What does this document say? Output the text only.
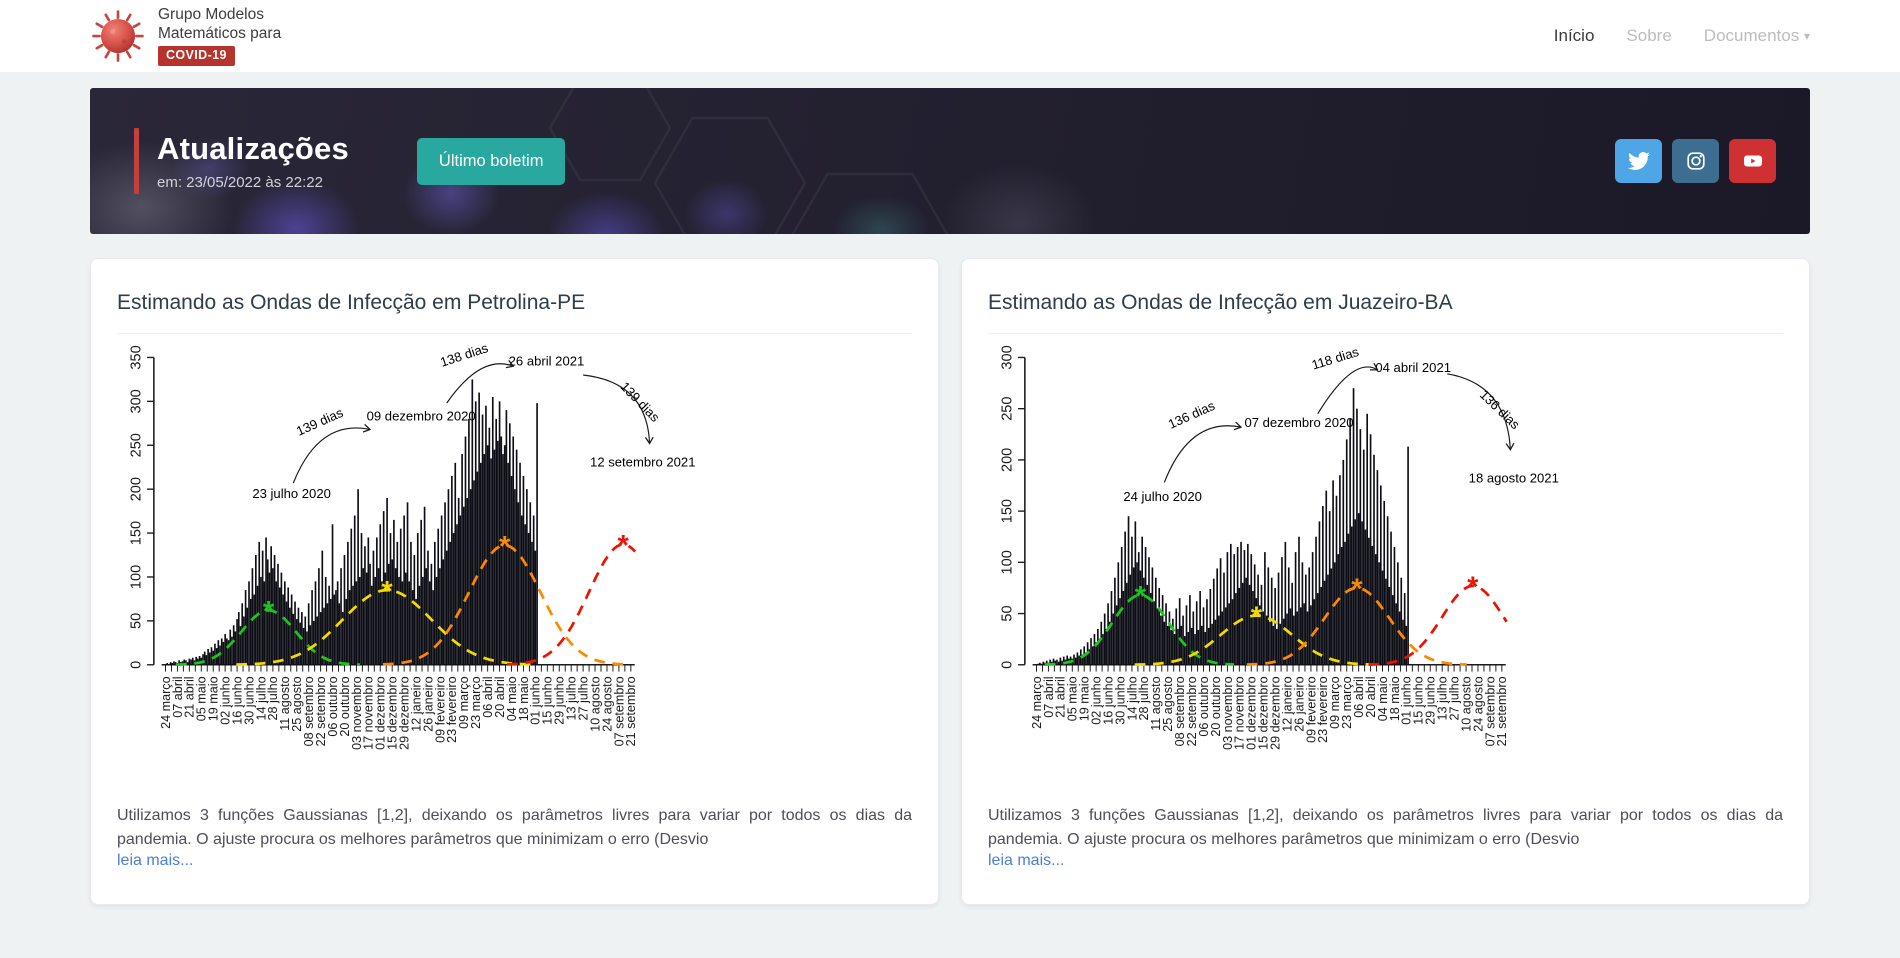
Grupo Modelos
Matemáticos para
COVID-19
Início Sobre Documentos ▾
Atualizações
em: 23/05/2022 às 22:22
Último boletim
Estimando as Ondas de Infecção em Petrolina-PE
0
50
100
150
200
250
300
350
24 março
07 abril
21 abril
05 maio
19 maio
02 junho
16 junho
30 junho
14 julho
28 julho
11 agosto
25 agosto
08 setembro
22 setembro
06 outubro
20 outubro
03 novembro
17 novembro
01 dezembro
15 dezembro
29 dezembro
12 janeiro
26 janeiro
09 fevereiro
23 fevereiro
09 março
23 março
06 abril
20 abril
04 maio
18 maio
01 junho
15 junho
29 junho
13 julho
27 julho
10 agosto
24 agosto
07 setembro
21 setembro
*
*
*	*
23 julho 2020
09 dezembro 2020
26 abril 2021
12 setembro 2021
139 dias
138 dias
139 dias

Utilizamos 3 funções Gaussianas [1,2], deixando os parâmetros livres para variar por todos os dias da pandemia. O ajuste procura os melhores parâmetros que minimizam o erro (Desvio

leia mais...
Estimando as Ondas de Infecção em Juazeiro-BA
0
50
100
150
200
250
300
24 março
07 abril
21 abril
05 maio
19 maio
02 junho
16 junho
30 junho
14 julho
28 julho
11 agosto
25 agosto
08 setembro
22 setembro
06 outubro
20 outubro
03 novembro
17 novembro
01 dezembro
15 dezembro
29 dezembro
12 janeiro
26 janeiro
09 fevereiro
23 fevereiro
09 março
23 março
06 abril
20 abril
04 maio
18 maio
01 junho
15 junho
29 junho
13 julho
27 julho
10 agosto
24 agosto
07 setembro
21 setembro
*
*
*	*
24 julho 2020
07 dezembro 2020
04 abril 2021
18 agosto 2021
136 dias
118 dias
136 dias

Utilizamos 3 funções Gaussianas [1,2], deixando os parâmetros livres para variar por todos os dias da pandemia. O ajuste procura os melhores parâmetros que minimizam o erro (Desvio

leia mais...
